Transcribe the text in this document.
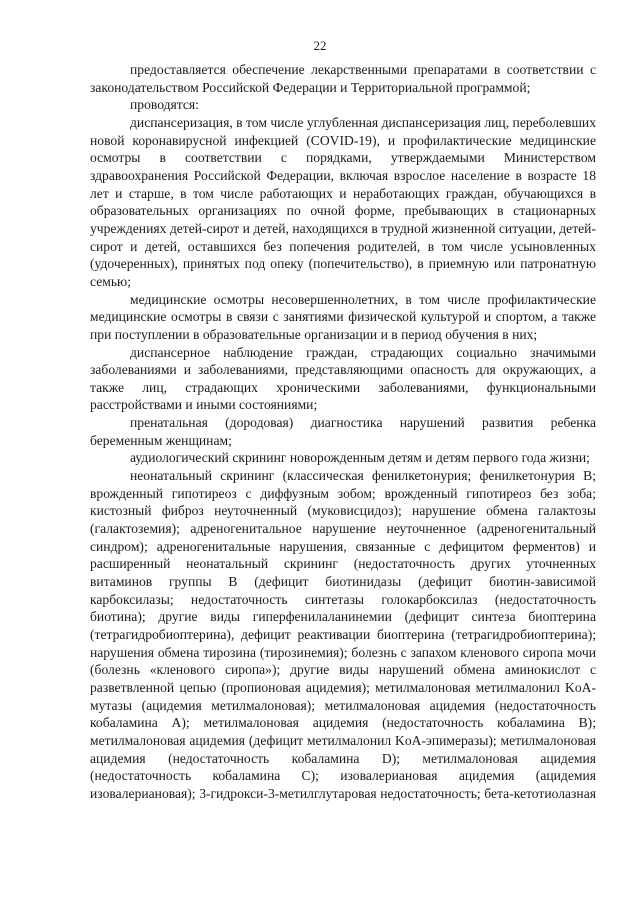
22

предоставляется обеспечение лекарственными препаратами в соответствии с законодательством Российской Федерации и Территориальной программой;

проводятся:

диспансеризация, в том числе углубленная диспансеризация лиц, переболевших новой коронавирусной инфекцией (COVID-19), и профилактические медицинские осмотры в соответствии с порядками, утверждаемыми Министерством здравоохранения Российской Федерации, включая взрослое население в возрасте 18 лет и старше, в том числе работающих и неработающих граждан, обучающихся в образовательных организациях по очной форме, пребывающих в стационарных учреждениях детей-сирот и детей, находящихся в трудной жизненной ситуации, детей-сирот и детей, оставшихся без попечения родителей, в том числе усыновленных (удочеренных), принятых под опеку (попечительство), в приемную или патронатную семью;

медицинские осмотры несовершеннолетних, в том числе профилактические медицинские осмотры в связи с занятиями физической культурой и спортом, а также при поступлении в образовательные организации и в период обучения в них;

диспансерное наблюдение граждан, страдающих социально значимыми заболеваниями и заболеваниями, представляющими опасность для окружающих, а также лиц, страдающих хроническими заболеваниями, функциональными расстройствами и иными состояниями;

пренатальная (дородовая) диагностика нарушений развития ребенка беременным женщинам;

аудиологический скрининг новорожденным детям и детям первого года жизни;

неонатальный скрининг (классическая фенилкетонурия; фенилкетонурия B; врожденный гипотиреоз с диффузным зобом; врожденный гипотиреоз без зоба; кистозный фиброз неуточненный (муковисцидоз); нарушение обмена галактозы (галактоземия); адреногенитальное нарушение неуточненное (адреногенитальный синдром); адреногенитальные нарушения, связанные с дефицитом ферментов) и расширенный неонатальный скрининг (недостаточность других уточненных витаминов группы B (дефицит биотинидазы (дефицит биотин-зависимой карбоксилазы; недостаточность синтетазы голокарбоксилаз (недостаточность биотина); другие виды гиперфенилаланинемии (дефицит синтеза биоптерина (тетрагидробиоптерина), дефицит реактивации биоптерина (тетрагидробиоптерина); нарушения обмена тирозина (тирозинемия); болезнь с запахом кленового сиропа мочи (болезнь «кленового сиропа»); другие виды нарушений обмена аминокислот с разветвленной цепью (пропионовая ацидемия); метилмалоновая метилмалонил KoA-мутазы (ацидемия метилмалоновая); метилмалоновая ацидемия (недостаточность кобаламина A); метилмалоновая ацидемия (недостаточность кобаламина B); метилмалоновая ацидемия (дефицит метилмалонил KoA-эпимеразы); метилмалоновая ацидемия (недостаточность кобаламина D); метилмалоновая ацидемия (недостаточность кобаламина C); изовалериановая ацидемия (ацидемия изовалериановая); 3-гидрокси-3-метилглутаровая недостаточность; бета-кетотиолазная
